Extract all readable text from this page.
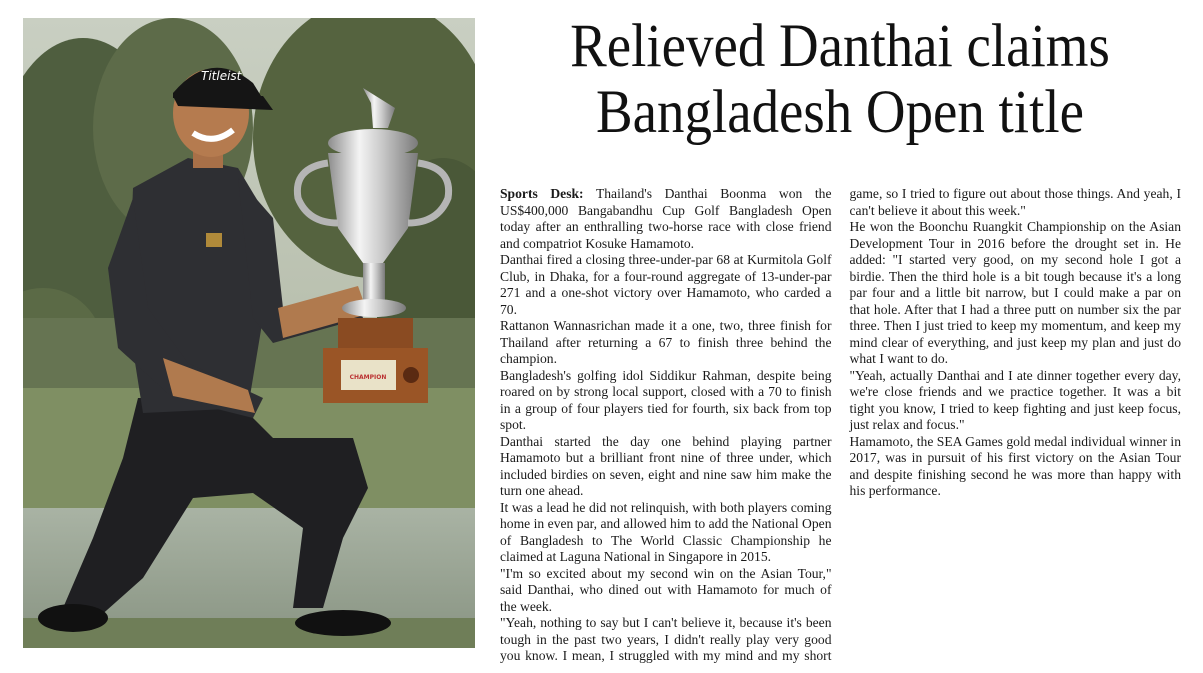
Titleist
CHAMPION
Relieved Danthai claims
Bangladesh Open title

Sports Desk: Thailand's Danthai Boonma won the US$400,000 Bangabandhu Cup Golf Bangladesh Open today after an enthralling two-horse race with close friend and compatriot Kosuke Hamamoto.

Danthai fired a closing three-under-par 68 at Kurmitola Golf Club, in Dhaka, for a four-round aggregate of 13-under-par 271 and a one-shot victory over Hamamoto, who carded a 70.

Rattanon Wannasrichan made it a one, two, three finish for Thailand after returning a 67 to finish three behind the champion.

Bangladesh's golfing idol Siddikur Rahman, despite being roared on by strong local support, closed with a 70 to finish in a group of four players tied for fourth, six back from top spot.

Danthai started the day one behind playing partner Hamamoto but a brilliant front nine of three under, which included birdies on seven, eight and nine saw him make the turn one ahead.

It was a lead he did not relinquish, with both players coming home in even par, and allowed him to add the National Open of Bangladesh to The World Classic Championship he claimed at Laguna National in Singapore in 2015.

"I'm so excited about my second win on the Asian Tour," said Danthai, who dined out with Hamamoto for much of the week.

"Yeah, nothing to say but I can't believe it, because it's been tough in the past two years, I didn't really play very good you know. I mean, I struggled with my mind and my short game, so I tried to figure out about those things. And yeah, I can't believe it about this week."

He won the Boonchu Ruangkit Championship on the Asian Development Tour in 2016 before the drought set in. He added: "I started very good, on my second hole I got a birdie. Then the third hole is a bit tough because it's a long par four and a little bit narrow, but I could make a par on that hole. After that I had a three putt on number six the par three. Then I just tried to keep my momentum, and keep my mind clear of everything, and just keep my plan and just do what I want to do.

"Yeah, actually Danthai and I ate dinner together every day, we're close friends and we practice together. It was a bit tight you know, I tried to keep fighting and just keep focus, just relax and focus."

Hamamoto, the SEA Games gold medal individual winner in 2017, was in pursuit of his first victory on the Asian Tour and despite finishing second he was more than happy with his performance.
